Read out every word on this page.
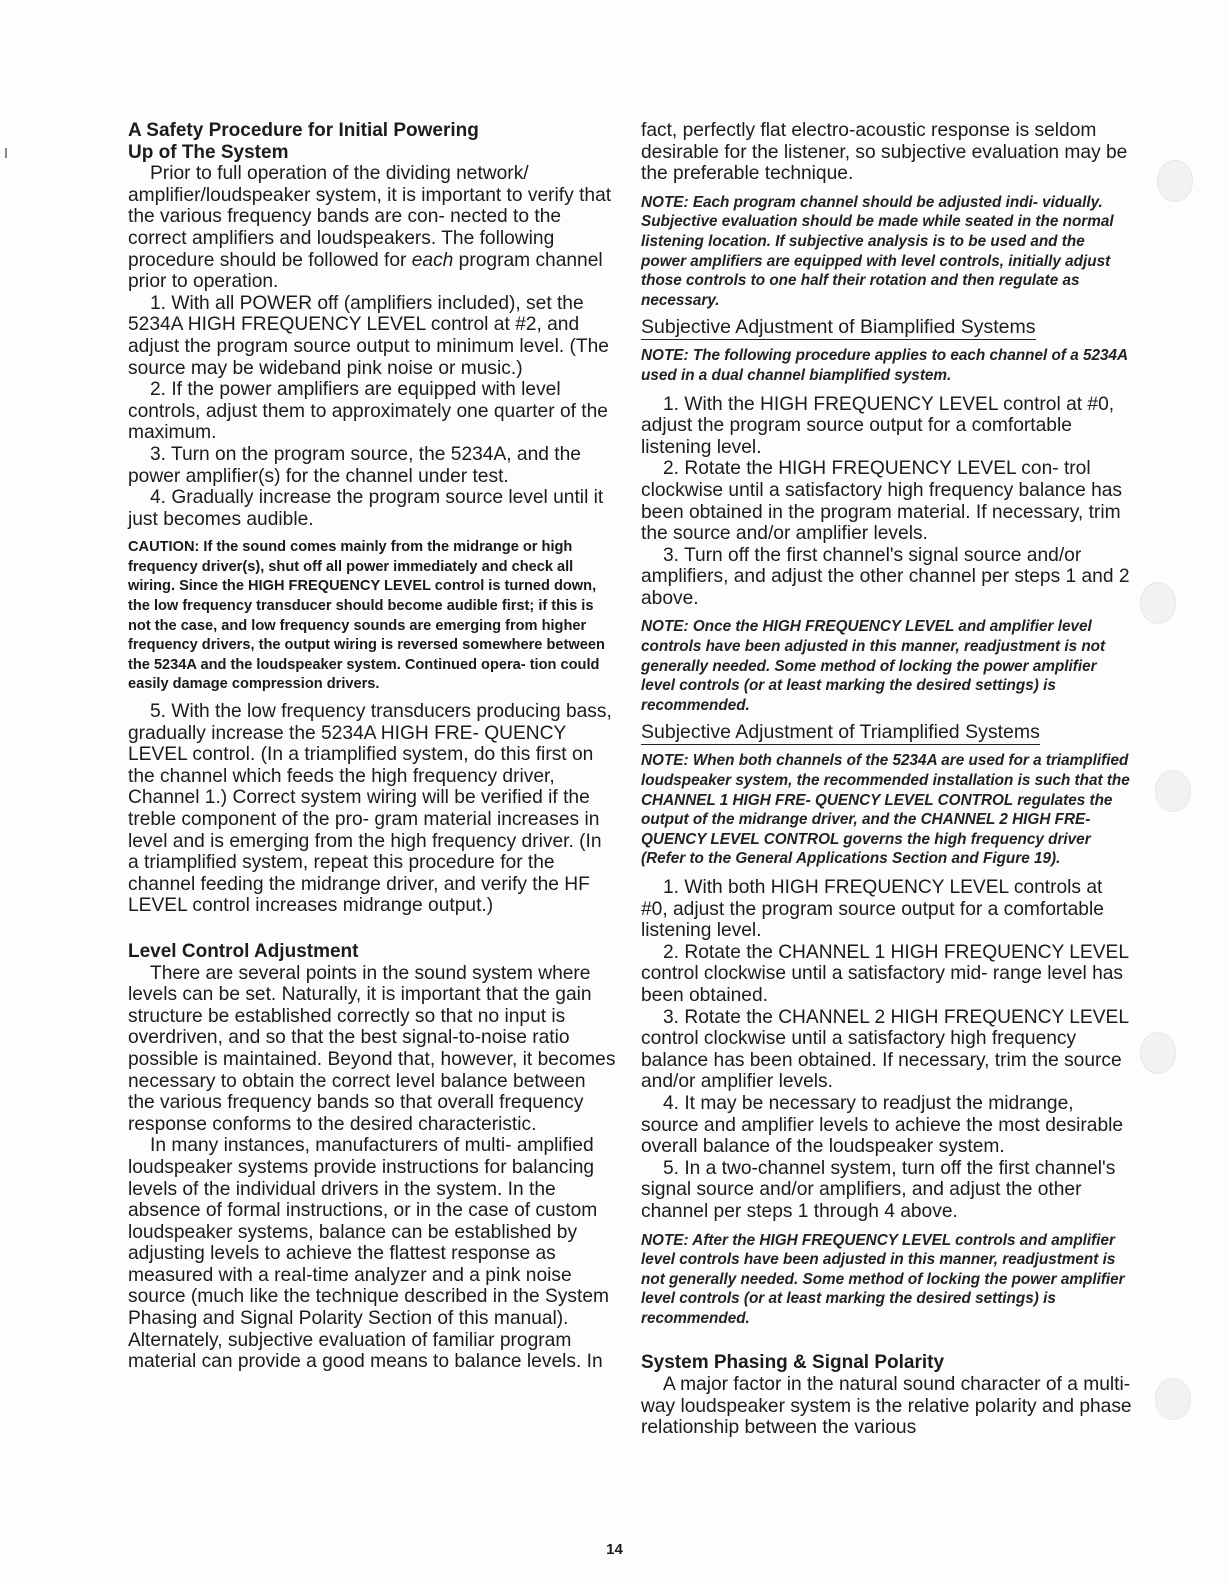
A Safety Procedure for Initial Powering
Up of The System

Prior to full operation of the dividing network/ amplifier/loudspeaker system, it is important to verify that the various frequency bands are con- nected to the correct amplifiers and loudspeakers. The following procedure should be followed for each program channel prior to operation.

1. With all POWER off (amplifiers included), set the 5234A HIGH FREQUENCY LEVEL control at #2, and adjust the program source output to minimum level. (The source may be wideband pink noise or music.)

2. If the power amplifiers are equipped with level controls, adjust them to approximately one quarter of the maximum.

3. Turn on the program source, the 5234A, and the power amplifier(s) for the channel under test.

4. Gradually increase the program source level until it just becomes audible.

CAUTION: If the sound comes mainly from the midrange or high frequency driver(s), shut off all power immediately and check all wiring. Since the HIGH FREQUENCY LEVEL control is turned down, the low frequency transducer should become audible first; if this is not the case, and low frequency sounds are emerging from higher frequency drivers, the output wiring is reversed somewhere between the 5234A and the loudspeaker system. Continued opera- tion could easily damage compression drivers.

5. With the low frequency transducers producing bass, gradually increase the 5234A HIGH FRE- QUENCY LEVEL control. (In a triamplified system, do this first on the channel which feeds the high frequency driver, Channel 1.) Correct system wiring will be verified if the treble component of the pro- gram material increases in level and is emerging from the high frequency driver. (In a triamplified system, repeat this procedure for the channel feeding the midrange driver, and verify the HF LEVEL control increases midrange output.)

Level Control Adjustment

There are several points in the sound system where levels can be set. Naturally, it is important that the gain structure be established correctly so that no input is overdriven, and so that the best signal-to-noise ratio possible is maintained. Beyond that, however, it becomes necessary to obtain the correct level balance between the various frequency bands so that overall frequency response conforms to the desired characteristic.

In many instances, manufacturers of multi- amplified loudspeaker systems provide instructions for balancing levels of the individual drivers in the system. In the absence of formal instructions, or in the case of custom loudspeaker systems, balance can be established by adjusting levels to achieve the flattest response as measured with a real-time analyzer and a pink noise source (much like the technique described in the System Phasing and Signal Polarity Section of this manual). Alternately, subjective evaluation of familiar program material can provide a good means to balance levels. In

fact, perfectly flat electro-acoustic response is seldom desirable for the listener, so subjective evaluation may be the preferable technique.

NOTE: Each program channel should be adjusted indi- vidually. Subjective evaluation should be made while seated in the normal listening location. If subjective analysis is to be used and the power amplifiers are equipped with level controls, initially adjust those controls to one half their rotation and then regulate as necessary.

Subjective Adjustment of Biamplified Systems

NOTE: The following procedure applies to each channel of a 5234A used in a dual channel biamplified system.

1. With the HIGH FREQUENCY LEVEL control at #0, adjust the program source output for a comfortable listening level.

2. Rotate the HIGH FREQUENCY LEVEL con- trol clockwise until a satisfactory high frequency balance has been obtained in the program material. If necessary, trim the source and/or amplifier levels.

3. Turn off the first channel's signal source and/or amplifiers, and adjust the other channel per steps 1 and 2 above.

NOTE: Once the HIGH FREQUENCY LEVEL and amplifier level controls have been adjusted in this manner, readjustment is not generally needed. Some method of locking the power amplifier level controls (or at least marking the desired settings) is recommended.

Subjective Adjustment of Triamplified Systems

NOTE: When both channels of the 5234A are used for a triamplified loudspeaker system, the recommended installation is such that the CHANNEL 1 HIGH FRE- QUENCY LEVEL CONTROL regulates the output of the midrange driver, and the CHANNEL 2 HIGH FRE- QUENCY LEVEL CONTROL governs the high frequency driver (Refer to the General Applications Section and Figure 19).

1. With both HIGH FREQUENCY LEVEL controls at #0, adjust the program source output for a comfortable listening level.

2. Rotate the CHANNEL 1 HIGH FREQUENCY LEVEL control clockwise until a satisfactory mid- range level has been obtained.

3. Rotate the CHANNEL 2 HIGH FREQUENCY LEVEL control clockwise until a satisfactory high frequency balance has been obtained. If necessary, trim the source and/or amplifier levels.

4. It may be necessary to readjust the midrange, source and amplifier levels to achieve the most desirable overall balance of the loudspeaker system.

5. In a two-channel system, turn off the first channel's signal source and/or amplifiers, and adjust the other channel per steps 1 through 4 above.

NOTE: After the HIGH FREQUENCY LEVEL controls and amplifier level controls have been adjusted in this manner, readjustment is not generally needed. Some method of locking the power amplifier level controls (or at least marking the desired settings) is recommended.

System Phasing & Signal Polarity

A major factor in the natural sound character of a multi-way loudspeaker system is the relative polarity and phase relationship between the various

14
